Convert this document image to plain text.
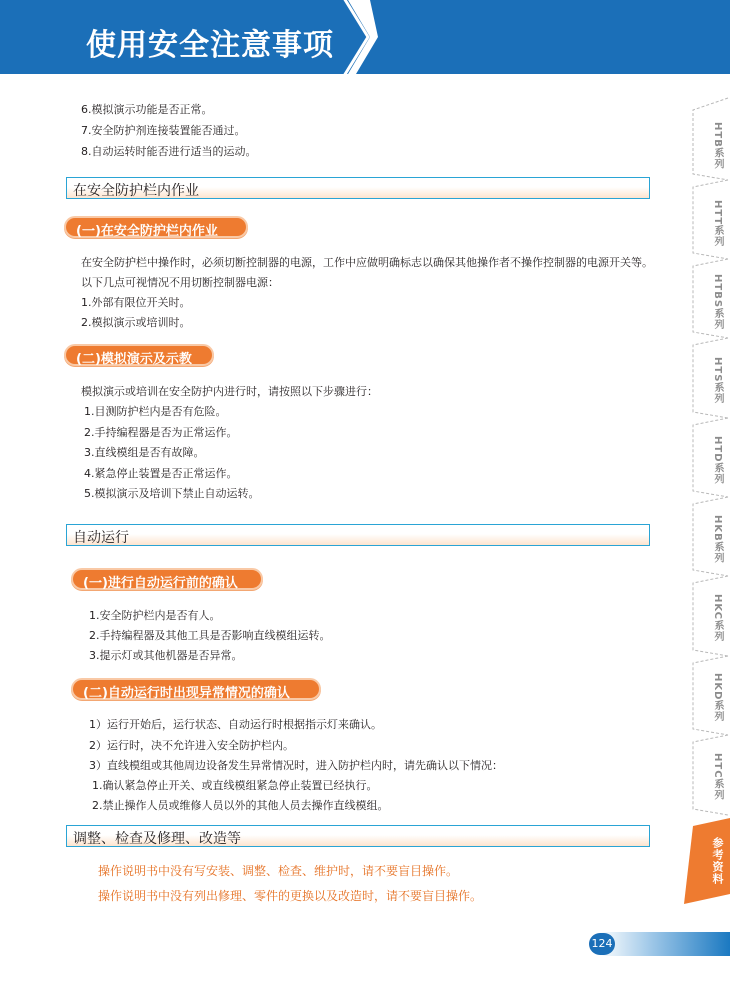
使用安全注意事项
6.模拟演示功能是否正常。
7.安全防护剂连接装置能否通过。
8.自动运转时能否进行适当的运动。
在安全防护栏内作业
(一)在安全防护栏内作业
在安全防护栏中操作时，必须切断控制器的电源，工作中应做明确标志以确保其他操作者不操作控制器的电源开关等。
以下几点可视情况不用切断控制器电源：
1.外部有限位开关时。
2.模拟演示或培训时。
(二)模拟演示及示教
模拟演示或培训在安全防护内进行时，请按照以下步骤进行：
1.目测防护栏内是否有危险。
2.手持编程器是否为正常运作。
3.直线模组是否有故障。
4.紧急停止装置是否正常运作。
5.模拟演示及培训下禁止自动运转。
自动运行
(一)进行自动运行前的确认
1.安全防护栏内是否有人。
2.手持编程器及其他工具是否影响直线模组运转。
3.提示灯或其他机器是否异常。
(二)自动运行时出现异常情况的确认
1）运行开始后，运行状态、自动运行时根据指示灯来确认。
2）运行时，决不允许进入安全防护栏内。
3）直线模组或其他周边设备发生异常情况时，进入防护栏内时，请先确认以下情况：
1.确认紧急停止开关、或直线模组紧急停止装置已经执行。
2.禁止操作人员或维修人员以外的其他人员去操作直线模组。
调整、检查及修理、改造等
操作说明书中没有写安装、调整、检查、维护时，请不要盲目操作。
操作说明书中没有列出修理、零件的更换以及改造时，请不要盲目操作。
HTB系列
HTT系列
HTBS系列
HTS系列
HTD系列
HKB系列
HKC系列
HKD系列
HTC系列
参考资料
124
